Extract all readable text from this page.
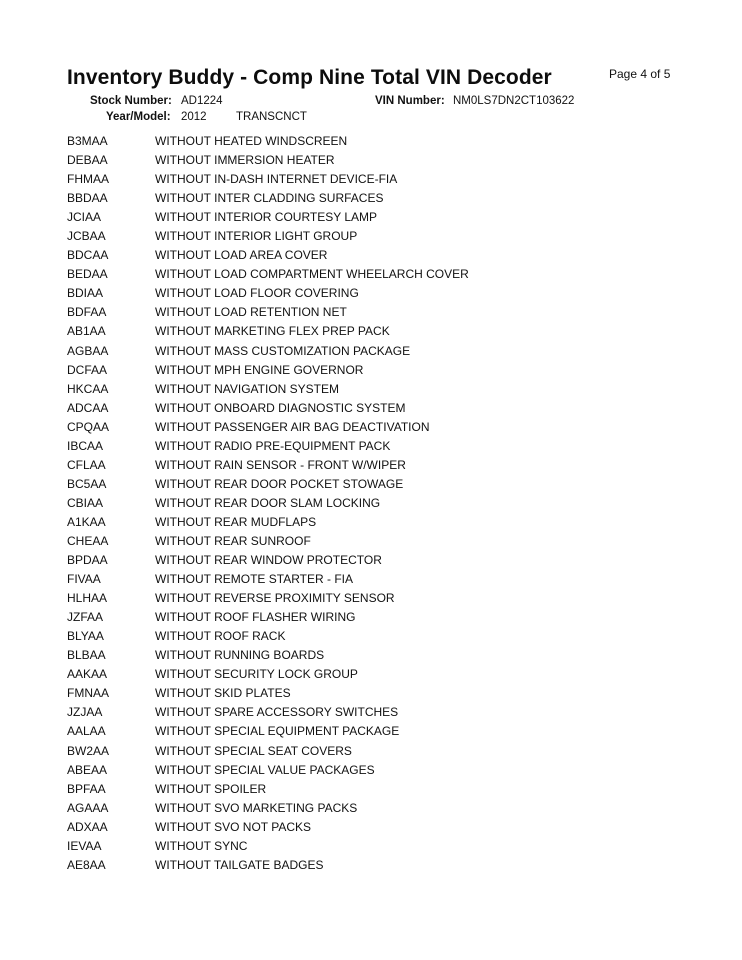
Inventory Buddy - Comp Nine Total VIN Decoder	Page 4 of 5
Stock Number: AD1224	VIN Number: NM0LS7DN2CT103622
Year/Model: 2012	TRANSCNCT
B3MAA	WITHOUT HEATED WINDSCREEN
DEBAA	WITHOUT IMMERSION HEATER
FHMAA	WITHOUT IN-DASH INTERNET DEVICE-FIA
BBDAA	WITHOUT INTER CLADDING SURFACES
JCIAA	WITHOUT INTERIOR COURTESY LAMP
JCBAA	WITHOUT INTERIOR LIGHT GROUP
BDCAA	WITHOUT LOAD AREA COVER
BEDAA	WITHOUT LOAD COMPARTMENT WHEELARCH COVER
BDIAA	WITHOUT LOAD FLOOR COVERING
BDFAA	WITHOUT LOAD RETENTION NET
AB1AA	WITHOUT MARKETING FLEX PREP PACK
AGBAA	WITHOUT MASS CUSTOMIZATION PACKAGE
DCFAA	WITHOUT MPH ENGINE GOVERNOR
HKCAA	WITHOUT NAVIGATION SYSTEM
ADCAA	WITHOUT ONBOARD DIAGNOSTIC SYSTEM
CPQAA	WITHOUT PASSENGER AIR BAG DEACTIVATION
IBCAA	WITHOUT RADIO PRE-EQUIPMENT PACK
CFLAA	WITHOUT RAIN SENSOR - FRONT W/WIPER
BC5AA	WITHOUT REAR DOOR POCKET STOWAGE
CBIAA	WITHOUT REAR DOOR SLAM LOCKING
A1KAA	WITHOUT REAR MUDFLAPS
CHEAA	WITHOUT REAR SUNROOF
BPDAA	WITHOUT REAR WINDOW PROTECTOR
FIVAA	WITHOUT REMOTE STARTER - FIA
HLHAA	WITHOUT REVERSE PROXIMITY SENSOR
JZFAA	WITHOUT ROOF FLASHER WIRING
BLYAA	WITHOUT ROOF RACK
BLBAA	WITHOUT RUNNING BOARDS
AAKAA	WITHOUT SECURITY LOCK GROUP
FMNAA	WITHOUT SKID PLATES
JZJAA	WITHOUT SPARE ACCESSORY SWITCHES
AALAA	WITHOUT SPECIAL EQUIPMENT PACKAGE
BW2AA	WITHOUT SPECIAL SEAT COVERS
ABEAA	WITHOUT SPECIAL VALUE PACKAGES
BPFAA	WITHOUT SPOILER
AGAAA	WITHOUT SVO MARKETING PACKS
ADXAA	WITHOUT SVO NOT PACKS
IEVAA	WITHOUT SYNC
AE8AA	WITHOUT TAILGATE BADGES
